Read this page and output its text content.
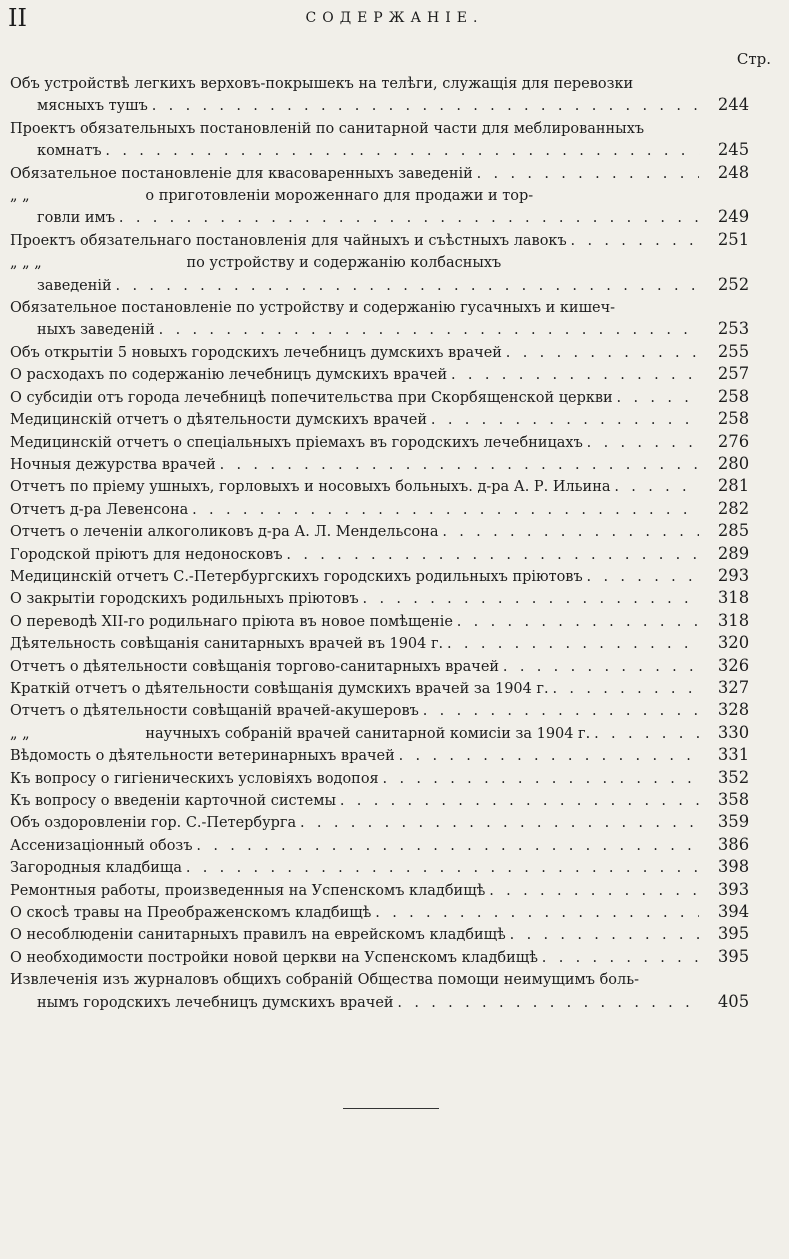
II	СОДЕРЖАНІЕ.
Стр.
Объ устройствѣ легкихъ верховъ-покрышекъ на телѣги, служащія для перевозки
мясныхъ тушъ . . .	244
Проектъ обязательныхъ постановленій по санитарной части для меблированныхъ
комнатъ . . .	245
Обязательное постановленіе для квасоваренныхъ заведеній . . .	248
„ „	о приготовленіи мороженнаго для продажи и тор-
говли имъ . . .	249
Проектъ обязательнаго постановленія для чайныхъ и съѣстныхъ лавокъ . . .	251
„ „ „	по устройству и содержанію колбасныхъ
заведеній . . .	252
Обязательное постановленіе по устройству и содержанію гусачныхъ и кишеч-
ныхъ заведеній . . .	253
Объ открытіи 5 новыхъ городскихъ лечебницъ думскихъ врачей . . .	255
О расходахъ по содержанію лечебницъ думскихъ врачей . . .	257
О субсидіи отъ города лечебницѣ попечительства при Скорбященской церкви . . .	258
Медицинскій отчетъ о дѣятельности думскихъ врачей . . .	258
Медицинскій отчетъ о спеціальныхъ пріемахъ въ городскихъ лечебницахъ . . .	276
Ночныя дежурства врачей . . .	280
Отчетъ по пріему ушныхъ, горловыхъ и носовыхъ больныхъ. д-ра А. Р. Ильина . . .	281
Отчетъ д-ра Левенсона . . .	282
Отчетъ о леченіи алкоголиковъ д-ра А. Л. Мендельсона . . .	285
Городской пріютъ для недоносковъ . . .	289
Медицинскій отчетъ С.-Петербургскихъ городскихъ родильныхъ пріютовъ . . .	293
О закрытіи городскихъ родильныхъ пріютовъ . . .	318
О переводѣ XII-го родильнаго пріюта въ новое помѣщеніе . . .	318
Дѣятельность совѣщанія санитарныхъ врачей въ 1904 г. . . .	320
Отчетъ о дѣятельности совѣщанія торгово-санитарныхъ врачей . . .	326
Краткій отчетъ о дѣятельности совѣщанія думскихъ врачей за 1904 г. . . .	327
Отчетъ о дѣятельности совѣщаній врачей-акушеровъ . . .	328
„ „	научныхъ собраній врачей санитарной комисіи за 1904 г. . . .	330
Вѣдомость о дѣятельности ветеринарныхъ врачей . . .	331
Къ вопросу о гигіеническихъ условіяхъ водопоя . . .	352
Къ вопросу о введеніи карточной системы . . .	358
Объ оздоровленіи гор. С.-Петербурга . . .	359
Ассенизаціонный обозъ . . .	386
Загородныя кладбища . . .	398
Ремонтныя работы, произведенныя на Успенскомъ кладбищѣ . . .	393
О скосѣ травы на Преображенскомъ кладбищѣ . . .	394
О несоблюденіи санитарныхъ правилъ на еврейскомъ кладбищѣ . . .	395
О необходимости постройки новой церкви на Успенскомъ кладбищѣ . . .	395
Извлеченія изъ журналовъ общихъ собраній Общества помощи неимущимъ боль-
нымъ городскихъ лечебницъ думскихъ врачей . . .	405
